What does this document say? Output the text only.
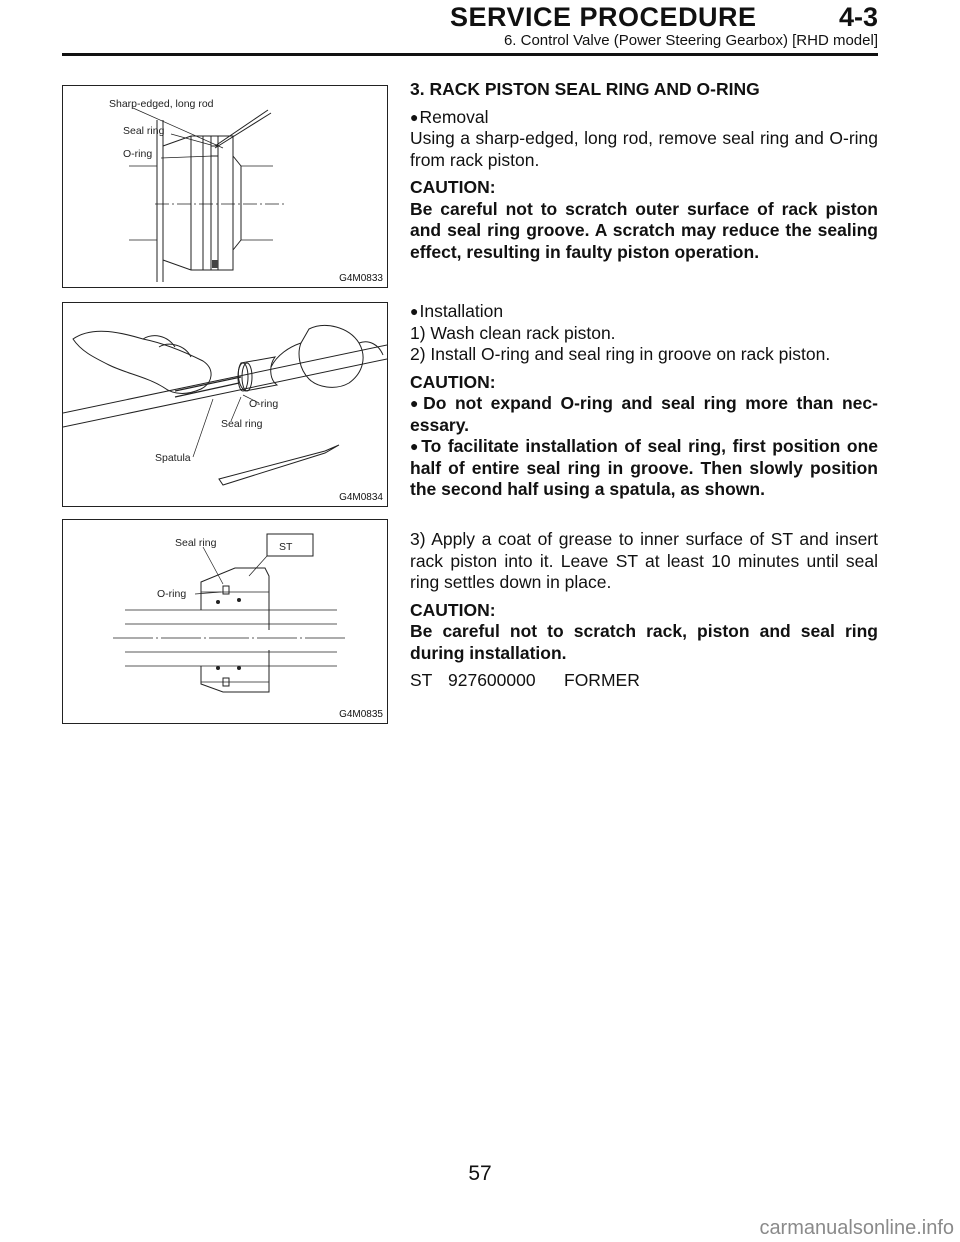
SERVICE PROCEDURE	4-3
6. Control Valve (Power Steering Gearbox) [RHD model]
Sharp-edged, long rod
Seal ring
O-ring
G4M0833
O-ring
Seal ring
Spatula
G4M0834
Seal ring	ST
O-ring
G4M0835

3. RACK PISTON SEAL RING AND O-RING

●Removal

Using a sharp-edged, long rod, remove seal ring and O-ring from rack piston.

CAUTION:

Be careful not to scratch outer surface of rack piston and seal ring groove. A scratch may reduce the sealing effect, resulting in faulty piston operation.

●Installation

1) Wash clean rack piston.

2) Install O-ring and seal ring in groove on rack piston.

CAUTION:

●Do not expand O-ring and seal ring more than necessary.

●To facilitate installation of seal ring, first position one half of entire seal ring in groove. Then slowly position the second half using a spatula, as shown.

3) Apply a coat of grease to inner surface of ST and insert rack piston into it. Leave ST at least 10 minutes until seal ring settles down in place.

CAUTION:

Be careful not to scratch rack, piston and seal ring during installation.

ST 927600000 FORMER

57
carmanualsonline.info
